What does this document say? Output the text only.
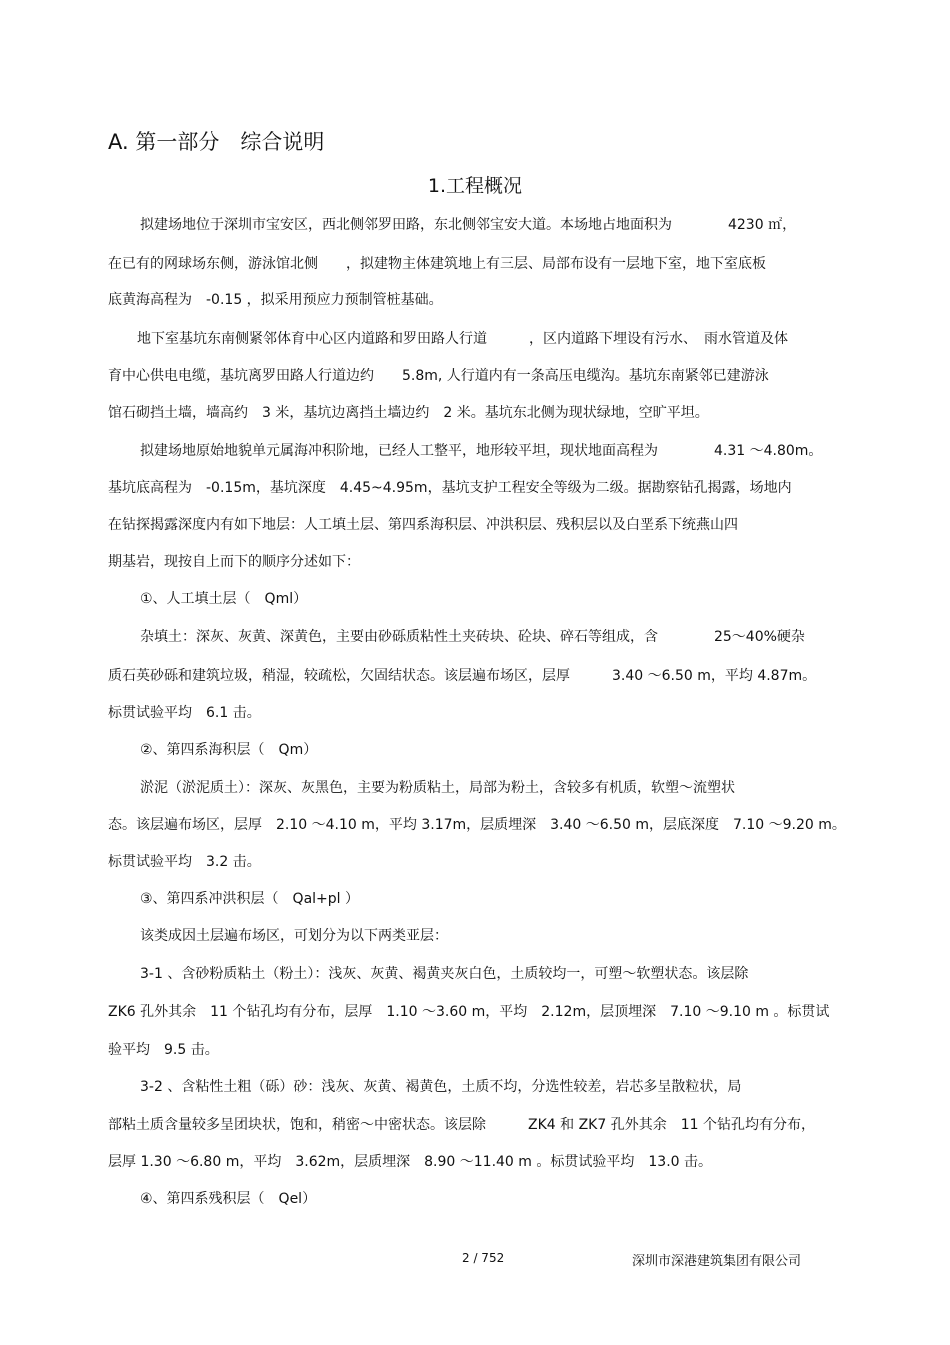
A. 第一部分　综合说明
1.工程概况
拟建场地位于深圳市宝安区，西北侧邻罗田路，东北侧邻宝安大道。本场地占地面积为　　　　4230 ㎡，
在已有的网球场东侧，游泳馆北侧　　，拟建物主体建筑地上有三层、局部布设有一层地下室，地下室底板
底黄海高程为　-0.15 ，拟采用预应力预制管桩基础。
地下室基坑东南侧紧邻体育中心区内道路和罗田路人行道　　　，区内道路下埋设有污水、　雨水管道及体
育中心供电电缆，基坑离罗田路人行道边约　　5.8m, 人行道内有一条高压电缆沟。基坑东南紧邻已建游泳
馆石砌挡土墙，墙高约　3 米，基坑边离挡土墙边约　2 米。基坑东北侧为现状绿地，空旷平坦。
拟建场地原始地貌单元属海冲积阶地，已经人工整平，地形较平坦，现状地面高程为　　　　4.31 ～4.80m。
基坑底高程为　-0.15m，基坑深度　4.45~4.95m，基坑支护工程安全等级为二级。据勘察钻孔揭露，场地内
在钻探揭露深度内有如下地层：人工填土层、第四系海积层、冲洪积层、残积层以及白垩系下统燕山四
期基岩，现按自上而下的顺序分述如下：
①、人工填土层（　Qml）
杂填土：深灰、灰黄、深黄色，主要由砂砾质粘性土夹砖块、砼块、碎石等组成，含　　　　25～40%硬杂
质石英砂砾和建筑垃圾，稍湿，较疏松，欠固结状态。该层遍布场区，层厚　　　3.40 ～6.50 m，平均 4.87m。
标贯试验平均　6.1 击。
②、第四系海积层（　Qm）
淤泥（淤泥质土）：深灰、灰黑色，主要为粉质粘土，局部为粉土，含较多有机质，软塑～流塑状
态。该层遍布场区，层厚　2.10 ～4.10 m，平均 3.17m，层质埋深　3.40 ～6.50 m，层底深度　7.10 ～9.20 m。
标贯试验平均　3.2 击。
③、第四系冲洪积层（　Qal+pl ）
该类成因土层遍布场区，可划分为以下两类亚层：
3-1 、含砂粉质粘土（粉土）：浅灰、灰黄、褐黄夹灰白色，土质较均一，可塑～软塑状态。该层除
ZK6 孔外其余　11 个钻孔均有分布，层厚　1.10 ～3.60 m，平均　2.12m，层顶埋深　7.10 ～9.10 m 。标贯试
验平均　9.5 击。
3-2 、含粘性土粗（砾）砂：浅灰、灰黄、褐黄色，土质不均，分选性较差，岩芯多呈散粒状，局
部粘土质含量较多呈团块状，饱和，稍密～中密状态。该层除　　　ZK4 和 ZK7 孔外其余　11 个钻孔均有分布，
层厚 1.30 ～6.80 m，平均　3.62m，层质埋深　8.90 ～11.40 m 。标贯试验平均　13.0 击。
④、第四系残积层（　Qel）
2 / 752	深圳市深港建筑集团有限公司
